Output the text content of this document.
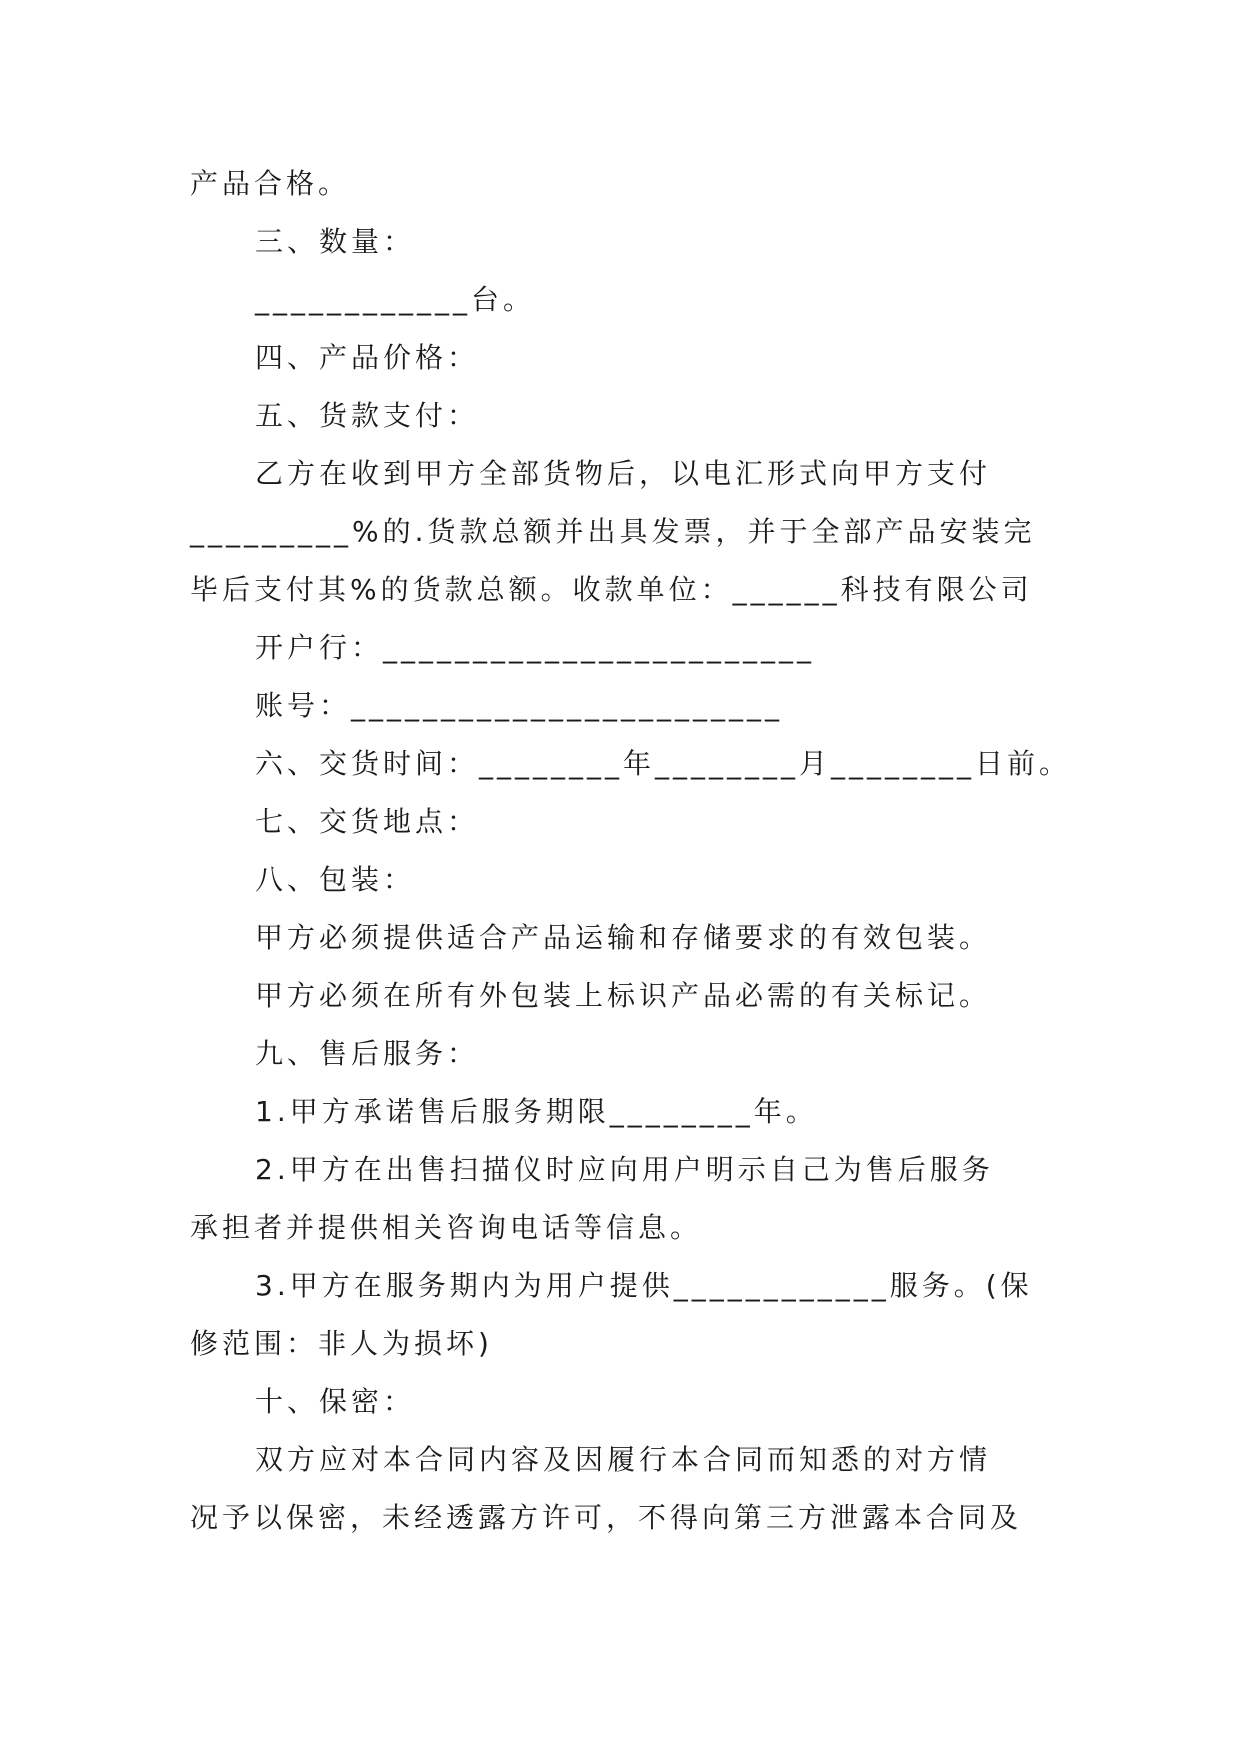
产品合格。
三、数量：
____________台。
四、产品价格：
五、货款支付：
乙方在收到甲方全部货物后，以电汇形式向甲方支付
_________%的.货款总额并出具发票，并于全部产品安装完
毕后支付其%的货款总额。收款单位：______科技有限公司
开户行：________________________
账号：________________________
六、交货时间：________年________月________日前。
七、交货地点：
八、包装：
甲方必须提供适合产品运输和存储要求的有效包装。
甲方必须在所有外包装上标识产品必需的有关标记。
九、售后服务：
1.甲方承诺售后服务期限________年。
2.甲方在出售扫描仪时应向用户明示自己为售后服务
承担者并提供相关咨询电话等信息。
3.甲方在服务期内为用户提供____________服务。(保
修范围：非人为损坏)
十、保密：
双方应对本合同内容及因履行本合同而知悉的对方情
况予以保密，未经透露方许可，不得向第三方泄露本合同及
